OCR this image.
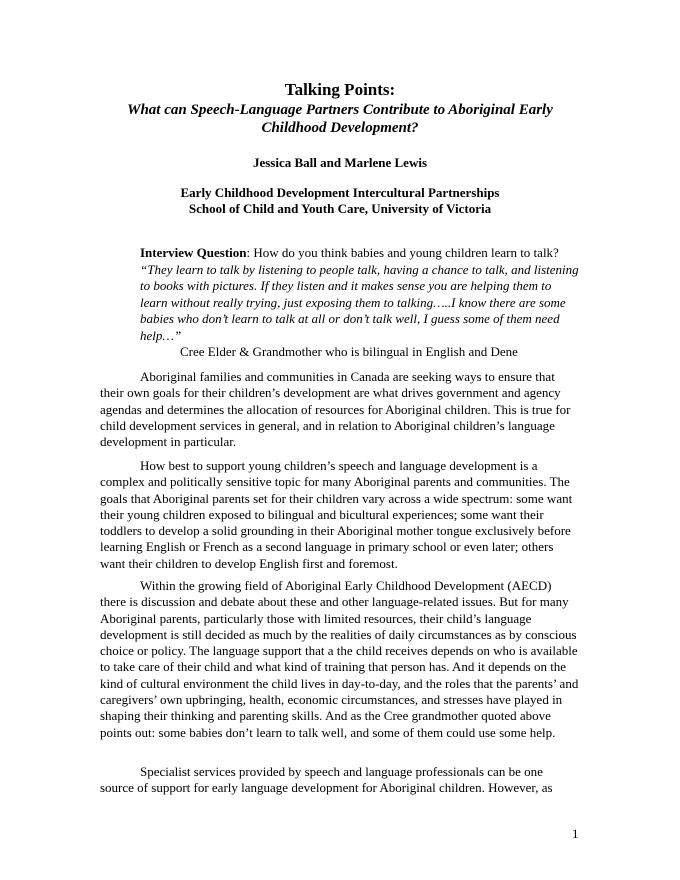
Talking Points:
What can Speech-Language Partners Contribute to Aboriginal Early Childhood Development?
Jessica Ball and Marlene Lewis
Early Childhood Development Intercultural Partnerships
School of Child and Youth Care, University of Victoria
Interview Question: How do you think babies and young children learn to talk?
“They learn to talk by listening to people talk, having a chance to talk, and listening to books with pictures. If they listen and it makes sense you are helping them to learn without really trying, just exposing them to talking…..I know there are some babies who don’t learn to talk at all or don’t talk well, I guess some of them need help…”
Cree Elder & Grandmother who is bilingual in English and Dene

Aboriginal families and communities in Canada are seeking ways to ensure that their own goals for their children’s development are what drives government and agency agendas and determines the allocation of resources for Aboriginal children. This is true for child development services in general, and in relation to Aboriginal children’s language development in particular.

How best to support young children’s speech and language development is a complex and politically sensitive topic for many Aboriginal parents and communities. The goals that Aboriginal parents set for their children vary across a wide spectrum: some want their young children exposed to bilingual and bicultural experiences; some want their toddlers to develop a solid grounding in their Aboriginal mother tongue exclusively before learning English or French as a second language in primary school or even later; others want their children to develop English first and foremost.

Within the growing field of Aboriginal Early Childhood Development (AECD) there is discussion and debate about these and other language-related issues. But for many Aboriginal parents, particularly those with limited resources, their child’s language development is still decided as much by the realities of daily circumstances as by conscious choice or policy. The language support that a the child receives depends on who is available to take care of their child and what kind of training that person has. And it depends on the kind of cultural environment the child lives in day-to-day, and the roles that the parents’ and caregivers’ own upbringing, health, economic circumstances, and stresses have played in shaping their thinking and parenting skills. And as the Cree grandmother quoted above points out: some babies don’t learn to talk well, and some of them could use some help.

Specialist services provided by speech and language professionals can be one source of support for early language development for Aboriginal children. However, as

1
